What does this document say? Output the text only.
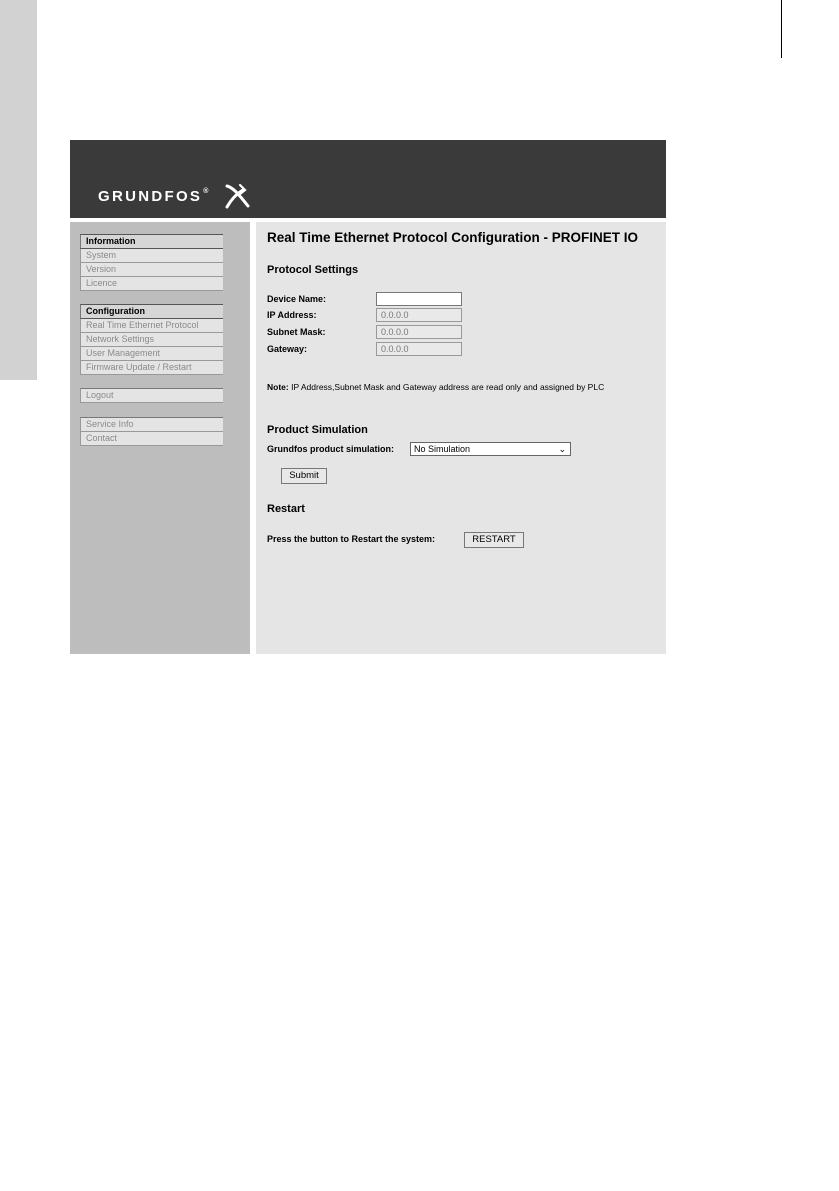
GRUNDFOS®
Information
System
Version
Licence
Configuration
Real Time Ethernet Protocol
Network Settings
User Management
Firmware Update / Restart
Logout
Service Info
Contact
Real Time Ethernet Protocol Configuration - PROFINET IO
Protocol Settings
Device Name:
IP Address:	0.0.0.0
Subnet Mask:	0.0.0.0
Gateway:	0.0.0.0
Note: IP Address,Subnet Mask and Gateway address are read only and assigned by PLC
Product Simulation
Grundfos product simulation:	No Simulation	⌄
Submit
Restart
Press the button to Restart the system:	RESTART
